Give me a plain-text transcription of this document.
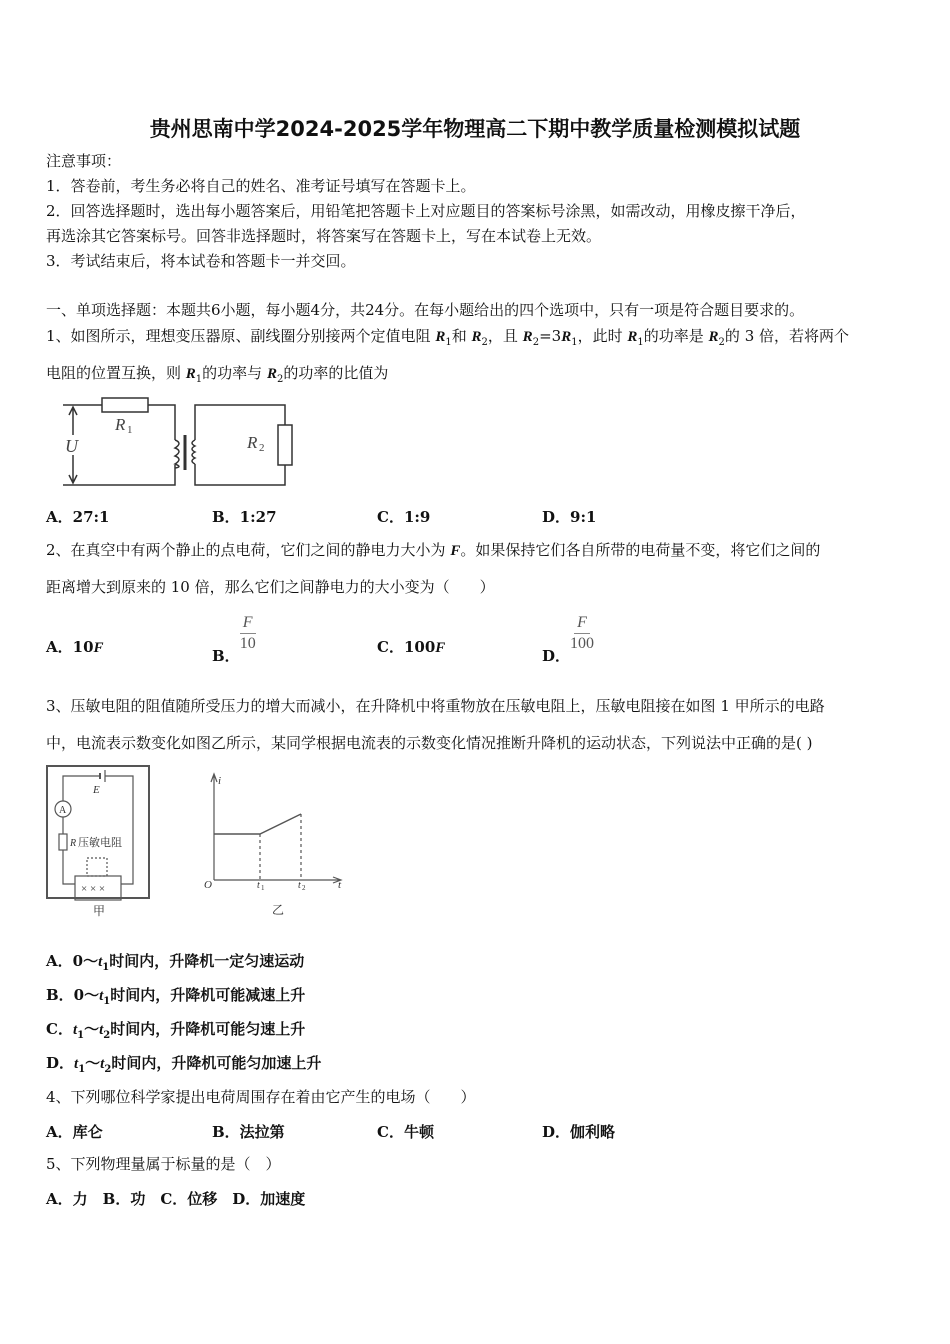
贵州思南中学2024-2025学年物理高二下期中教学质量检测模拟试题
注意事项：
1．答卷前，考生务必将自己的姓名、准考证号填写在答题卡上。
2．回答选择题时，选出每小题答案后，用铅笔把答题卡上对应题目的答案标号涂黑，如需改动，用橡皮擦干净后，
再选涂其它答案标号。回答非选择题时，将答案写在答题卡上，写在本试卷上无效。
3．考试结束后，将本试卷和答题卡一并交回。
一、单项选择题：本题共6小题，每小题4分，共24分。在每小题给出的四个选项中，只有一项是符合题目要求的。
1、如图所示，理想变压器原、副线圈分别接两个定值电阻 $R_1$和 $R_2$，且 $R_2=3R_1$，此时 $R_1$的功率是 $R_2$的 3 倍，若将两个
电阻的位置互换，则 $R_1$的功率与 $R_2$的功率的比值为
R 1
R 2
U
A．27:1	B．1:27	C．1:9	D．9:1
2、在真空中有两个静止的点电荷，它们之间的静电力大小为 F。如果保持它们各自所带的电荷量不变，将它们之间的
距离增大到原来的 10 倍，那么它们之间静电力的大小变为（　　）
A．10F	B．
$\frac{F}{10}$	C．100F	D．
$\frac{F}{100}$
3、压敏电阻的阻值随所受压力的增大而减小，在升降机中将重物放在压敏电阻上，压敏电阻接在如图 1 甲所示的电路
中，电流表示数变化如图乙所示，某同学根据电流表的示数变化情况推断升降机的运动状态，下列说法中正确的是( )
E
A
R 压敏电阻
× × ×
甲
i
t
O	t 1	t 2
乙
A．$0\sim t_1$时间内，升降机一定匀速运动
B．$0\sim t_1$时间内，升降机可能减速上升
C．$t_1\sim t_2$时间内，升降机可能匀速上升
D．$t_1\sim t_2$时间内，升降机可能匀加速上升
4、下列哪位科学家提出电荷周围存在着由它产生的电场（　　）
A．库仑	B．法拉第	C．牛顿	D．伽利略
5、下列物理量属于标量的是（　）
A．力　B．功　C．位移　D．加速度
